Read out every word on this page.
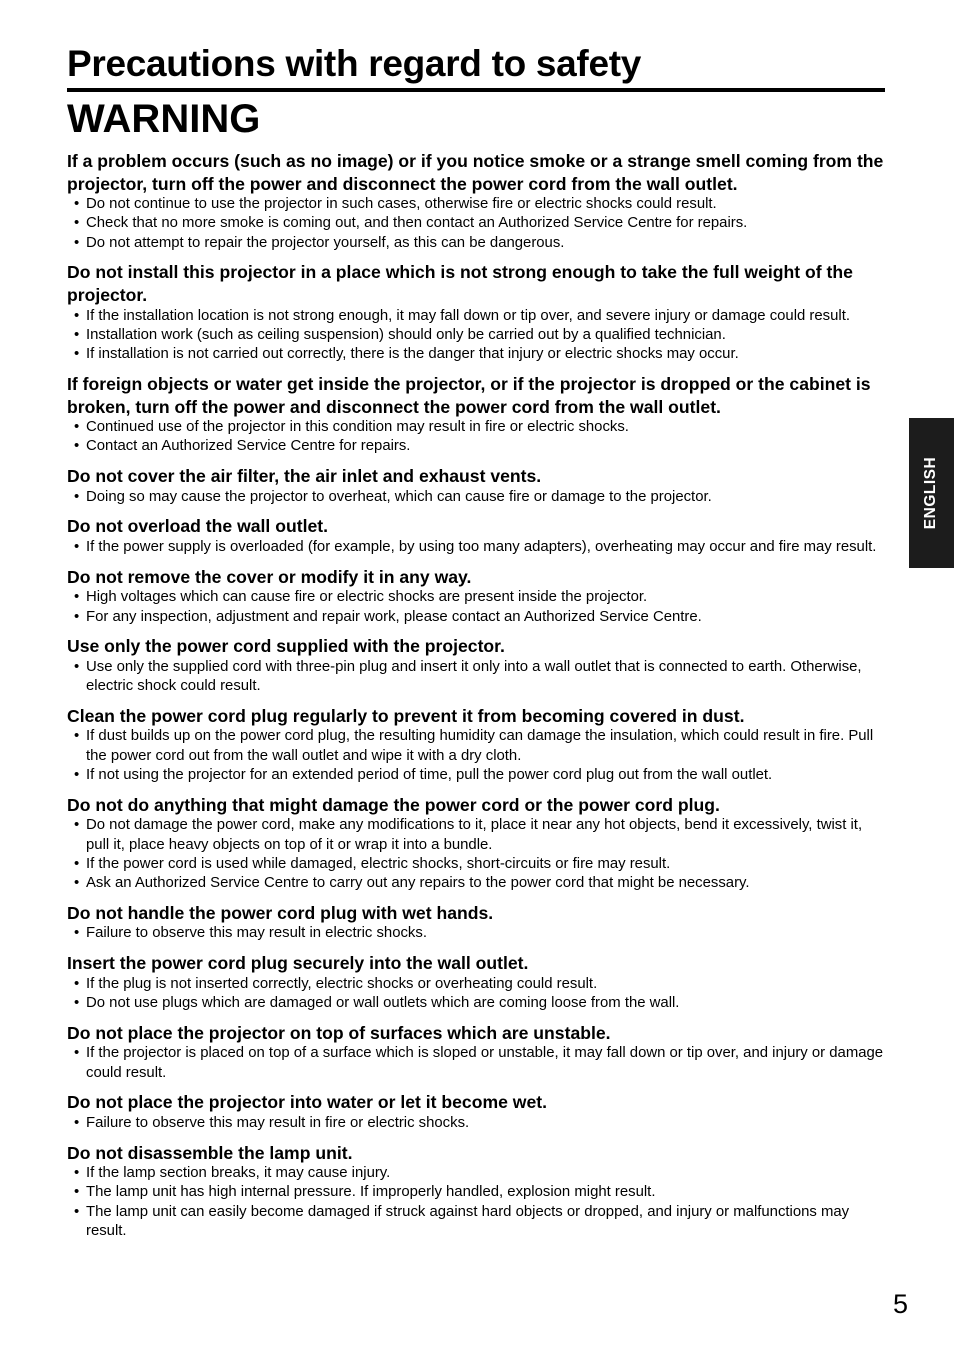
Precautions with regard to safety
WARNING
If a problem occurs (such as no image) or if you notice smoke or a strange smell coming from the projector, turn off the power and disconnect the power cord from the wall outlet.
• Do not continue to use the projector in such cases, otherwise fire or electric shocks could result.
• Check that no more smoke is coming out, and then contact an Authorized Service Centre for repairs.
• Do not attempt to repair the projector yourself, as this can be dangerous.
Do not install this projector in a place which is not strong enough to take the full weight of the projector.
• If the installation location is not strong enough, it may fall down or tip over, and severe injury or damage could result.
• Installation work (such as ceiling suspension) should only be carried out by a qualified technician.
• If installation is not carried out correctly, there is the danger that injury or electric shocks may occur.
If foreign objects or water get inside the projector, or if the projector is dropped or the cabinet is broken, turn off the power and disconnect the power cord from the wall outlet.
• Continued use of the projector in this condition may result in fire or electric shocks.
• Contact an Authorized Service Centre for repairs.
Do not cover the air filter, the air inlet and exhaust vents.
• Doing so may cause the projector to overheat, which can cause fire or damage to the projector.
Do not overload the wall outlet.
• If the power supply is overloaded (for example, by using too many adapters), overheating may occur and fire may result.
Do not remove the cover or modify it in any way.
• High voltages which can cause fire or electric shocks are present inside the projector.
• For any inspection, adjustment and repair work, please contact an Authorized Service Centre.
Use only the power cord supplied with the projector.
• Use only the supplied cord with three-pin plug and insert it only into a wall outlet that is connected to earth. Otherwise, electric shock could result.
Clean the power cord plug regularly to prevent it from becoming covered in dust.
• If dust builds up on the power cord plug, the resulting humidity can damage the insulation, which could result in fire. Pull the power cord out from the wall outlet and wipe it with a dry cloth.
• If not using the projector for an extended period of time, pull the power cord plug out from the wall outlet.
Do not do anything that might damage the power cord or the power cord plug.
• Do not damage the power cord, make any modifications to it, place it near any hot objects, bend it excessively, twist it, pull it, place heavy objects on top of it or wrap it into a bundle.
• If the power cord is used while damaged, electric shocks, short-circuits or fire may result.
• Ask an Authorized Service Centre to carry out any repairs to the power cord that might be necessary.
Do not handle the power cord plug with wet hands.
• Failure to observe this may result in electric shocks.
Insert the power cord plug securely into the wall outlet.
• If the plug is not inserted correctly, electric shocks or overheating could result.
• Do not use plugs which are damaged or wall outlets which are coming loose from the wall.
Do not place the projector on top of surfaces which are unstable.
• If the projector is placed on top of a surface which is sloped or unstable, it may fall down or tip over, and injury or damage could result.
Do not place the projector into water or let it become wet.
• Failure to observe this may result in fire or electric shocks.
Do not disassemble the lamp unit.
• If the lamp section breaks, it may cause injury.
• The lamp unit has high internal pressure. If improperly handled, explosion might result.
• The lamp unit can easily become damaged if struck against hard objects or dropped, and injury or malfunctions may result.
ENGLISH
5
